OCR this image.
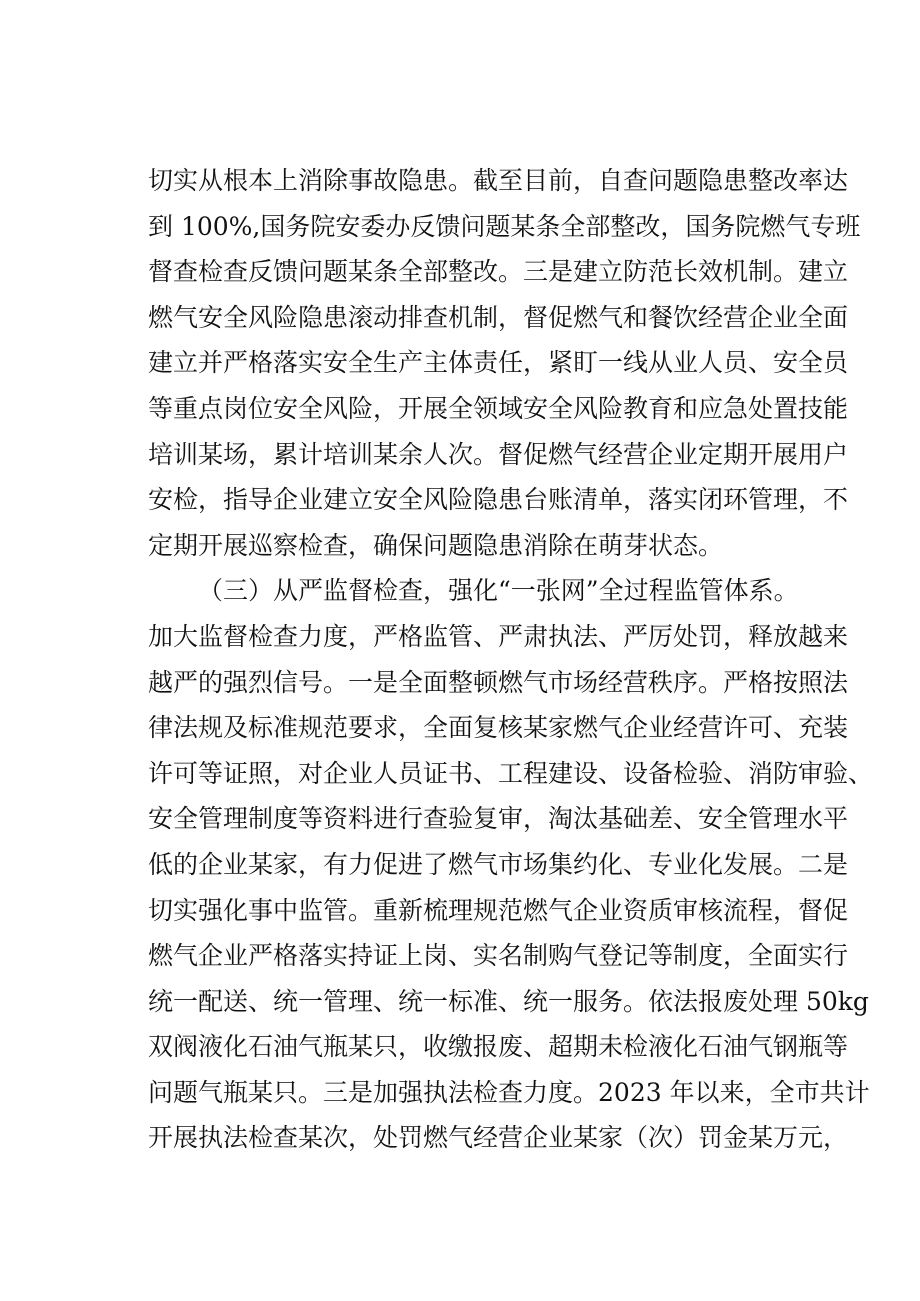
切实从根本上消除事故隐患。截至目前，自查问题隐患整改率达
到 100%,国务院安委办反馈问题某条全部整改，国务院燃气专班
督查检查反馈问题某条全部整改。三是建立防范长效机制。建立
燃气安全风险隐患滚动排查机制，督促燃气和餐饮经营企业全面
建立并严格落实安全生产主体责任，紧盯一线从业人员、安全员
等重点岗位安全风险，开展全领域安全风险教育和应急处置技能
培训某场，累计培训某余人次。督促燃气经营企业定期开展用户
安检，指导企业建立安全风险隐患台账清单，落实闭环管理，不
定期开展巡察检查，确保问题隐患消除在萌芽状态。
（三）从严监督检查，强化“一张网”全过程监管体系。
加大监督检查力度，严格监管、严肃执法、严厉处罚，释放越来
越严的强烈信号。一是全面整顿燃气市场经营秩序。严格按照法
律法规及标准规范要求，全面复核某家燃气企业经营许可、充装
许可等证照，对企业人员证书、工程建设、设备检验、消防审验、
安全管理制度等资料进行查验复审，淘汰基础差、安全管理水平
低的企业某家，有力促进了燃气市场集约化、专业化发展。二是
切实强化事中监管。重新梳理规范燃气企业资质审核流程，督促
燃气企业严格落实持证上岗、实名制购气登记等制度，全面实行
统一配送、统一管理、统一标准、统一服务。依法报废处理 50kg
双阀液化石油气瓶某只，收缴报废、超期未检液化石油气钢瓶等
问题气瓶某只。三是加强执法检查力度。2023 年以来，全市共计
开展执法检查某次，处罚燃气经营企业某家（次）罚金某万元，
